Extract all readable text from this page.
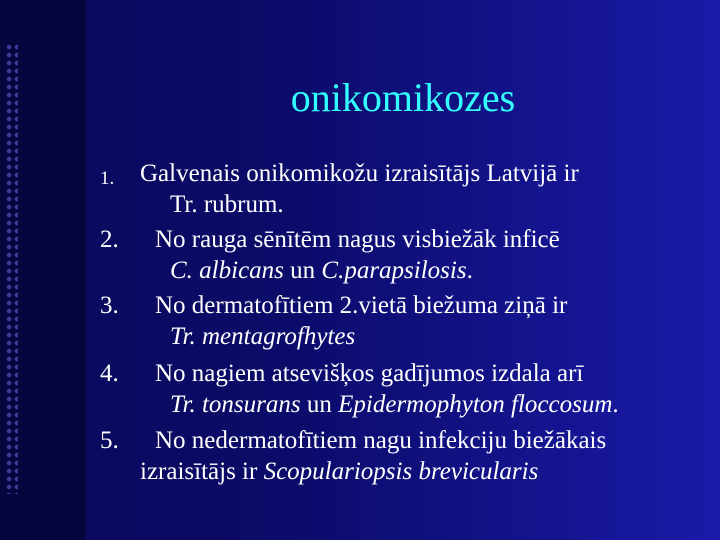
onikomikozes
1.	Galvenais onikomikožu izraisītājs Latvijā ir
Tr. rubrum.
2.	No rauga sēnītēm nagus visbiežāk inficē
C. albicans un C.parapsilosis.
3.	No dermatofītiem 2.vietā biežuma ziņā ir
Tr. mentagrofhytes
4.	No nagiem atsevišķos gadījumos izdala arī
Tr. tonsurans un Epidermophyton floccosum.
5.	No nedermatofītiem nagu infekciju biežākais
izraisītājs ir Scopulariopsis brevicularis
